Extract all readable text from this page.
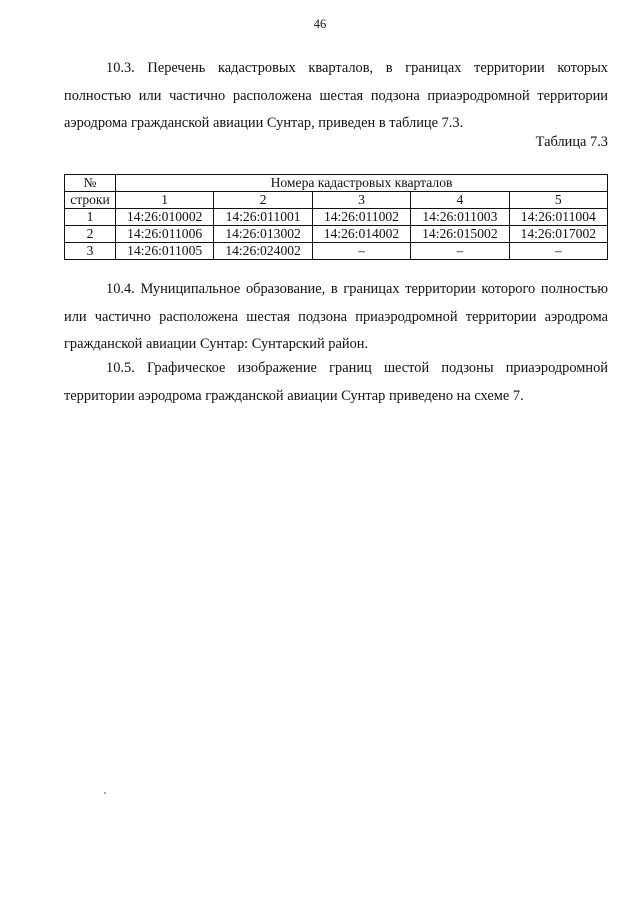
46

10.3. Перечень кадастровых кварталов, в границах территории которых полностью или частично расположена шестая подзона приаэродромной территории аэродрома гражданской авиации Сунтар, приведен в таблице 7.3.

Таблица 7.3
№	Номера кадастровых кварталов				
строки	1	2	3	4	5
1	14:26:010002	14:26:011001	14:26:011002	14:26:011003	14:26:011004
2	14:26:011006	14:26:013002	14:26:014002	14:26:015002	14:26:017002
3	14:26:011005	14:26:024002	–	–	–

10.4. Муниципальное образование, в границах территории которого полностью или частично расположена шестая подзона приаэродромной территории аэродрома гражданской авиации Сунтар: Сунтарский район.

10.5. Графическое изображение границ шестой подзоны приаэродромной территории аэродрома гражданской авиации Сунтар приведено на схеме 7.
